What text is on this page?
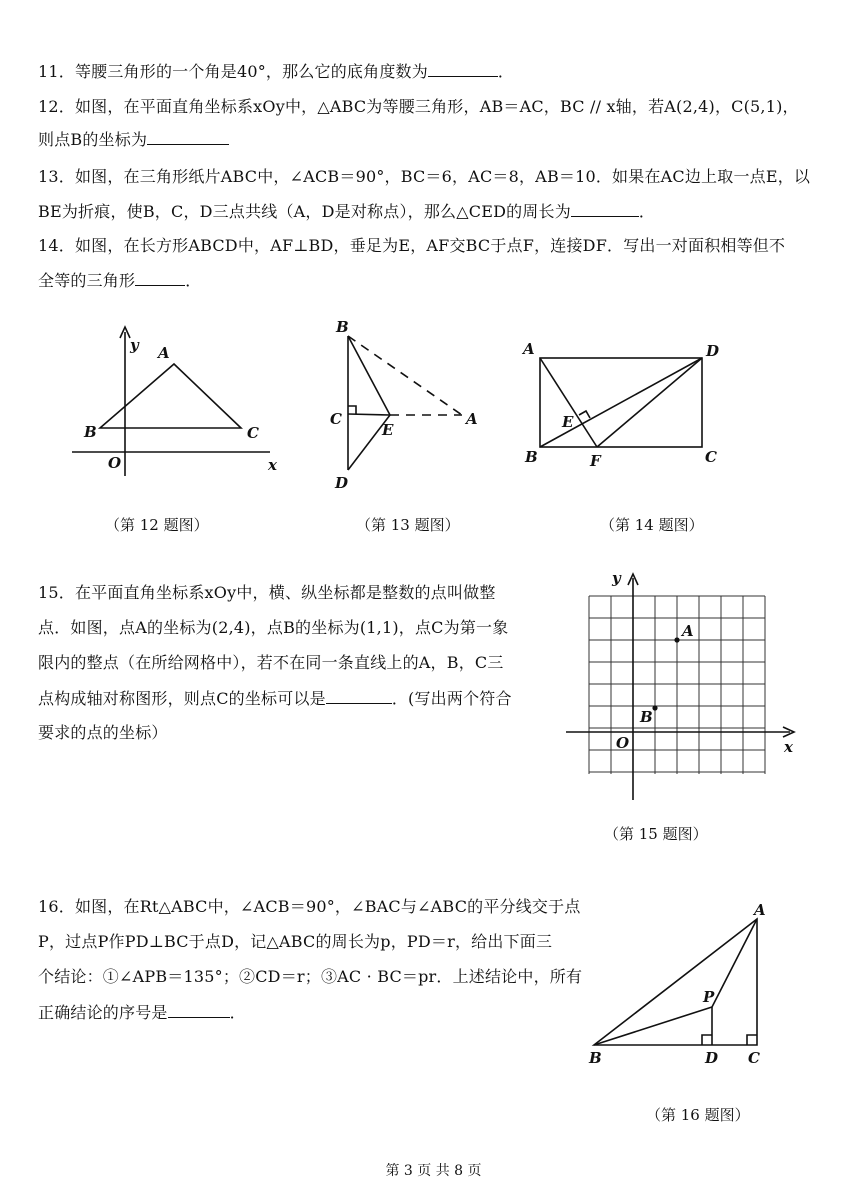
11．等腰三角形的一个角是40°，那么它的底角度数为	．
12．如图，在平面直角坐标系xOy中，△ABC为等腰三角形，AB＝AC，BC // x轴，若A(2,4)，C(5,1)，
则点B的坐标为
13．如图，在三角形纸片ABC中，∠ACB＝90°，BC＝6，AC＝8，AB＝10．如果在AC边上取一点E，以
BE为折痕，使B，C，D三点共线（A，D是对称点），那么△CED的周长为	．
14．如图，在长方形ABCD中，AF⊥BD，垂足为E，AF交BC于点F，连接DF．写出一对面积相等但不
全等的三角形	．
A
y
B	C
O	x
（第 12 题图）
B
C
E
A
D
（第 13 题图）
A	D
E
B	F	C
（第 14 题图）
15．在平面直角坐标系xOy中，横、纵坐标都是整数的点叫做整
点．如图，点A的坐标为(2,4)，点B的坐标为(1,1)，点C为第一象
限内的整点（在所给网格中），若不在同一条直线上的A，B，C三
点构成轴对称图形，则点C的坐标可以是	．(写出两个符合
要求的点的坐标）
y
A
B
O	x
（第 15 题图）
16．如图，在Rt△ABC中，∠ACB＝90°，∠BAC与∠ABC的平分线交于点
P，过点P作PD⊥BC于点D，记△ABC的周长为p，PD＝r，给出下面三
个结论：①∠APB＝135°；②CD＝r；③AC · BC＝pr．上述结论中，所有
正确结论的序号是	．
A
P
B	D C
（第 16 题图）
第 3 页 共 8 页
